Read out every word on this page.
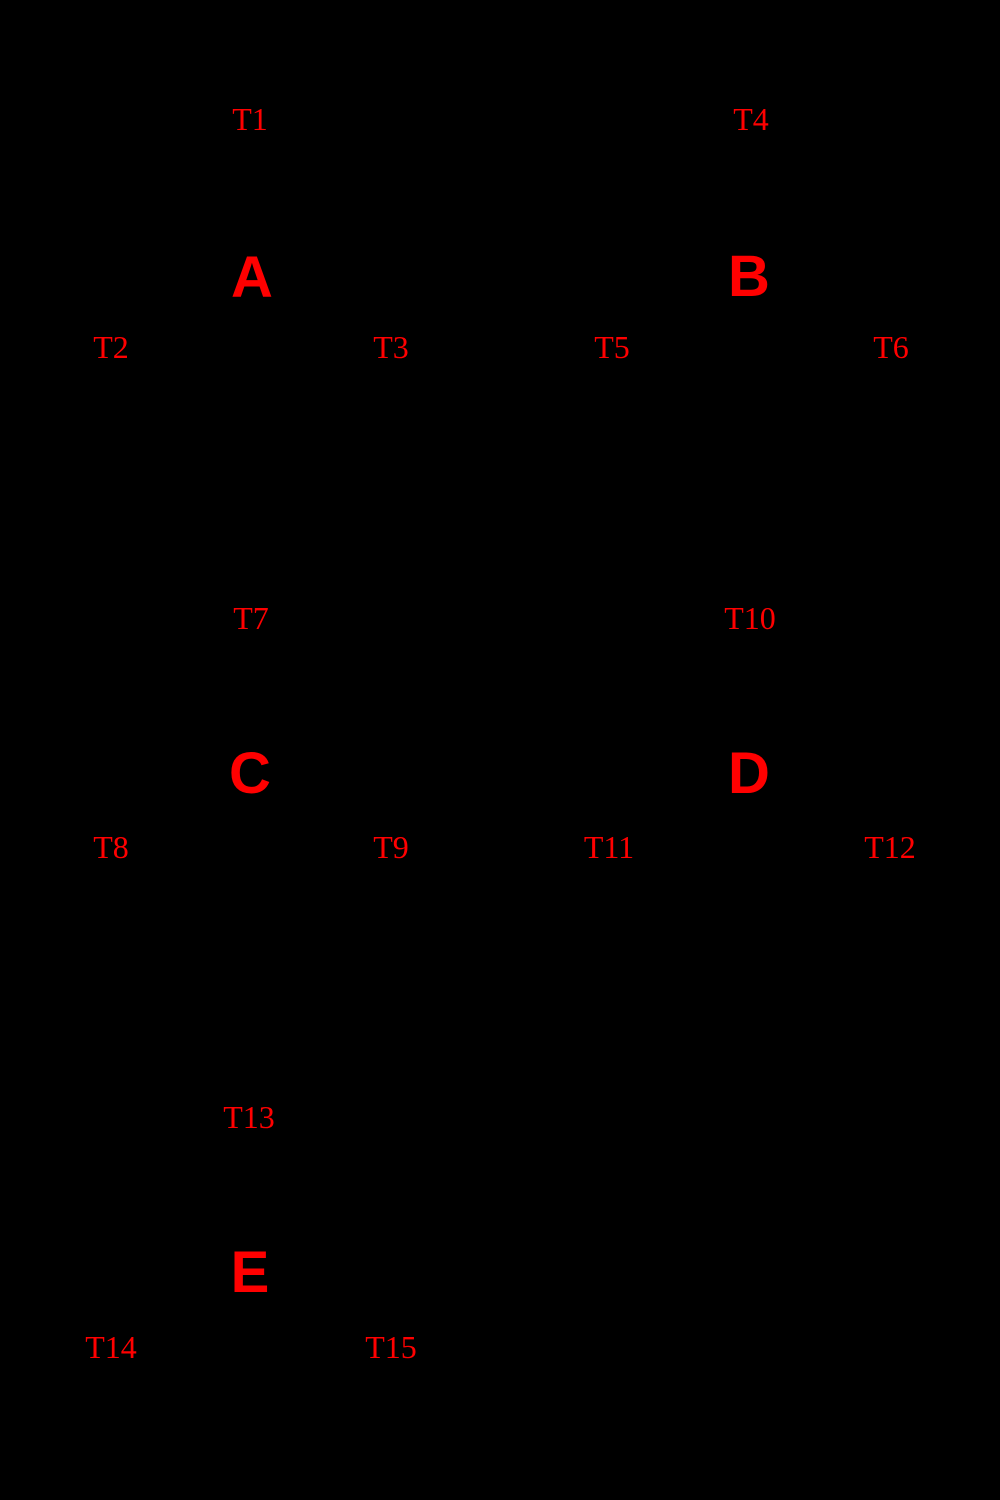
A
T1
T2	T3
B
T4
T5	T6
C
T7
T8	T9
D
T10
T11	T12
E
T13
T14	T15
